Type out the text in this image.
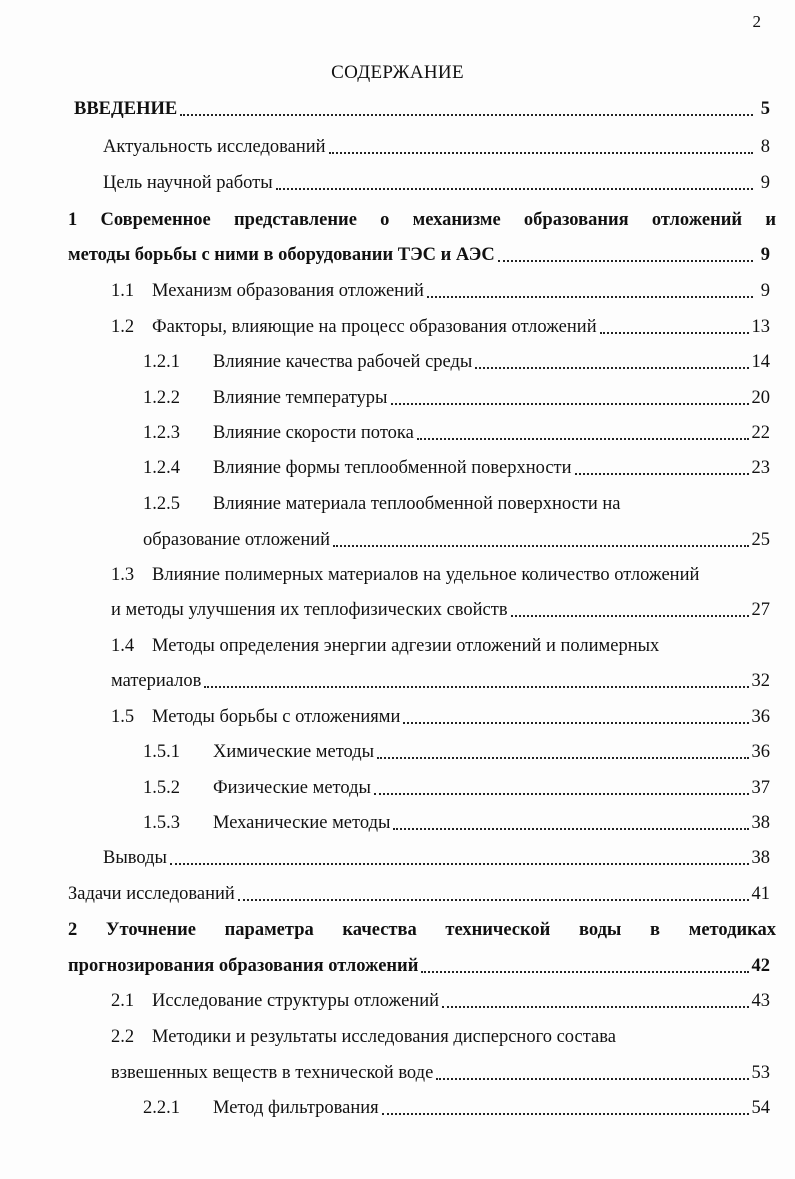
2
СОДЕРЖАНИЕ
ВВЕДЕНИЕ	5
Актуальность исследований	8
Цель научной работы	9
1 Современное представление о механизме образования отложений и
методы борьбы с ними в оборудовании ТЭС и АЭС	9
1.1 Механизм образования отложений	9
1.2 Факторы, влияющие на процесс образования отложений	13
1.2.1	Влияние качества рабочей среды	14
1.2.2	Влияние температуры	20
1.2.3	Влияние скорости потока	22
1.2.4	Влияние формы теплообменной поверхности	23
1.2.5 Влияние материала теплообменной поверхности на
образование отложений	25
1.3 Влияние полимерных материалов на удельное количество отложений
и методы улучшения их теплофизических свойств	27
1.4 Методы определения энергии адгезии отложений и полимерных
материалов	32
1.5 Методы борьбы с отложениями	36
1.5.1	Химические методы	36
1.5.2	Физические методы	37
1.5.3	Механические методы	38
Выводы	38
Задачи исследований	41
2 Уточнение параметра качества технической воды в методиках
прогнозирования образования отложений	42
2.1 Исследование структуры отложений	43
2.2 Методики и результаты исследования дисперсного состава
взвешенных веществ в технической воде	53
2.2.1	Метод фильтрования	54
